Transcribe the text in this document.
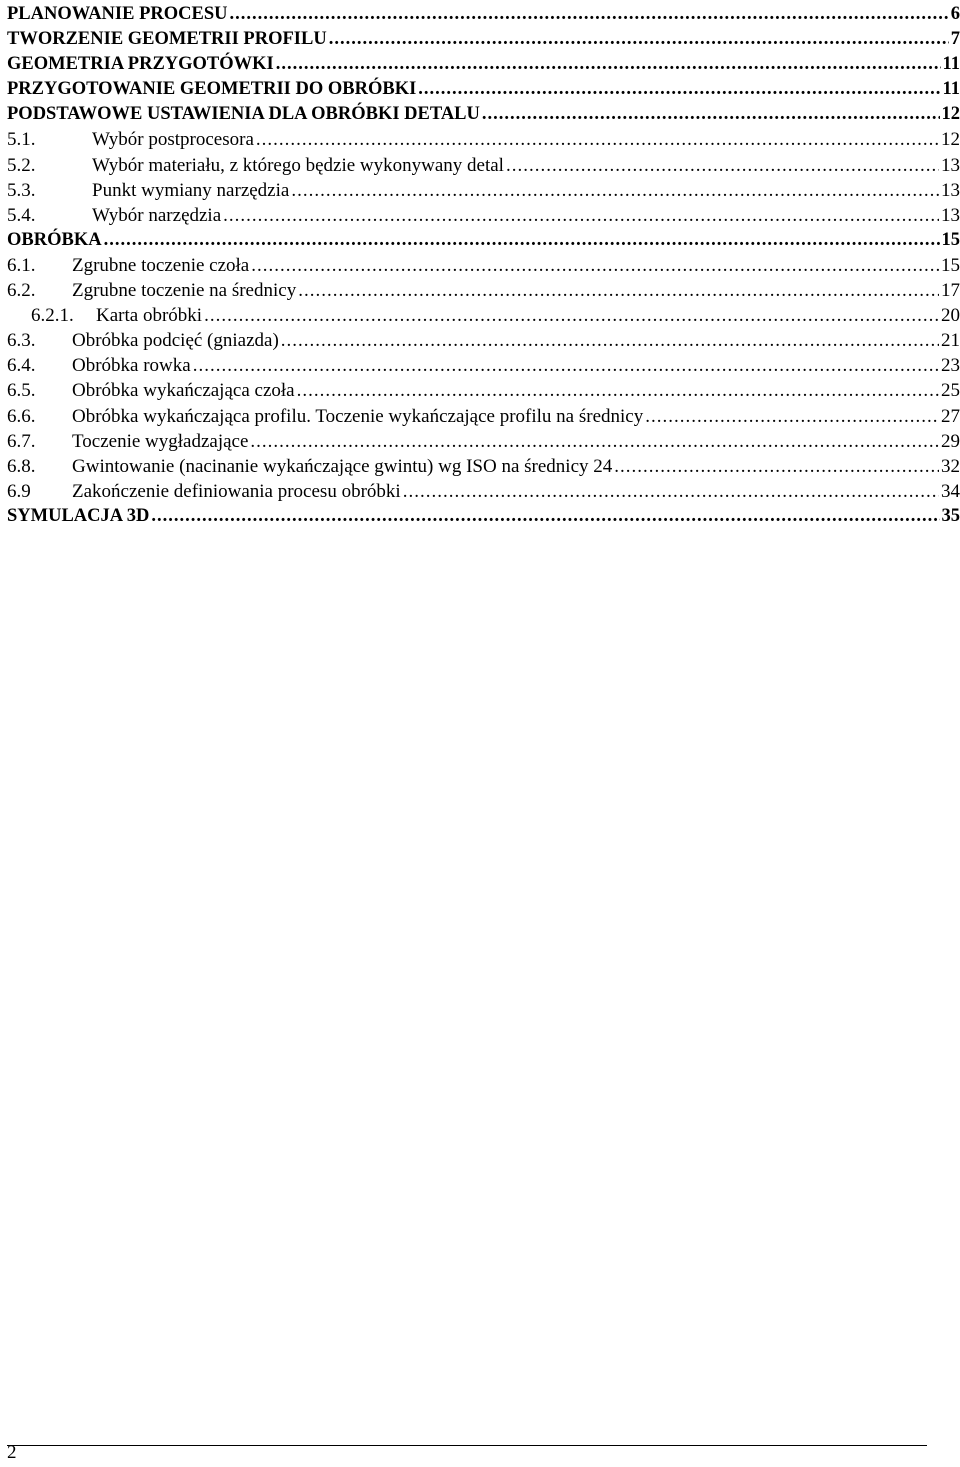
PLANOWANIE PROCESU .....	6
TWORZENIE GEOMETRII PROFILU .....	7
GEOMETRIA PRZYGOTÓWKI .....	11
PRZYGOTOWANIE GEOMETRII DO OBRÓBKI .....	11
PODSTAWOWE USTAWIENIA DLA OBRÓBKI DETALU .....	12
5.1.	Wybór postprocesora .....	12
5.2.	Wybór materiału, z którego będzie wykonywany detal .....	13
5.3.	Punkt wymiany narzędzia .....	13
5.4.	Wybór narzędzia .....	13
OBRÓBKA .....	15
6.1.	Zgrubne toczenie czoła .....	15
6.2.	Zgrubne toczenie na średnicy .....	17
6.2.1.	Karta obróbki .....	20
6.3.	Obróbka podcięć (gniazda) .....	21
6.4.	Obróbka rowka .....	23
6.5.	Obróbka wykańczająca czoła .....	25
6.6.	Obróbka wykańczająca profilu. Toczenie wykańczające profilu na średnicy .....	27
6.7.	Toczenie wygładzające .....	29
6.8.	Gwintowanie (nacinanie wykańczające gwintu) wg ISO na średnicy 24 .....	32
6.9	Zakończenie definiowania procesu obróbki .....	34
SYMULACJA 3D .....	35
2
